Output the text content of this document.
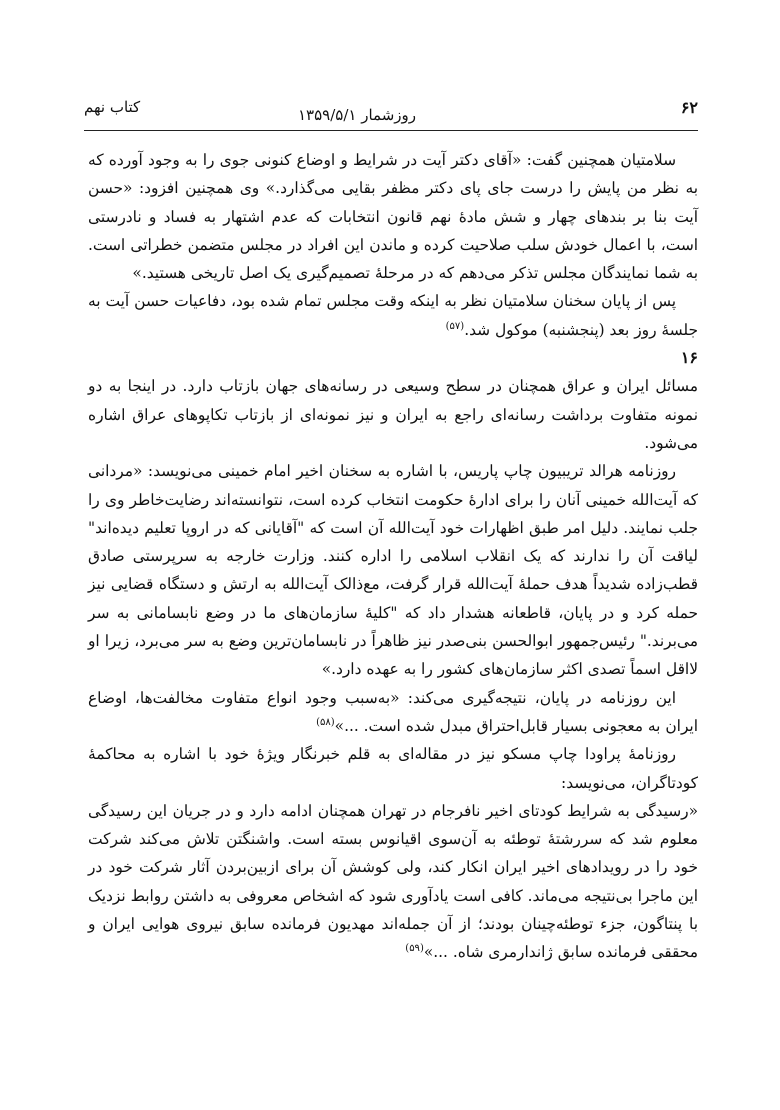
۶۲
روزشمار ۱۳۵۹/۵/۱
کتاب نهم

سلامتیان همچنین گفت: «آقای دکتر آیت در شرایط و اوضاع کنونی جوی را به وجود آورده که به نظر من پایش را درست جای پای دکتر مظفر بقایی می‌گذارد.» وی همچنین افزود: «حسن آیت بنا بر بندهای چهار و شش مادهٔ نهم قانون انتخابات که عدم اشتهار به فساد و نادرستی است، با اعمال خودش سلب صلاحیت کرده و ماندن این افراد در مجلس متضمن خطراتی است. به شما نمایندگان مجلس تذکر می‌دهم که در مرحلهٔ تصمیم‌گیری یک اصل تاریخی هستید.»

پس از پایان سخنان سلامتیان نظر به اینکه وقت مجلس تمام شده بود، دفاعیات حسن آیت به جلسهٔ روز بعد (پنجشنبه) موکول شد.$^{(۵۷)}$

۱۶

مسائل ایران و عراق همچنان در سطح وسیعی در رسانه‌های جهان بازتاب دارد. در اینجا به دو نمونه متفاوت برداشت رسانه‌ای راجع به ایران و نیز نمونه‌ای از بازتاب تکاپوهای عراق اشاره می‌شود.

روزنامه هرالد تریبیون چاپ پاریس، با اشاره به سخنان اخیر امام خمینی می‌نویسد: «مردانی که آیت‌الله خمینی آنان را برای ادارهٔ حکومت انتخاب کرده است، نتوانسته‌اند رضایت‌خاطر وی را جلب نمایند. دلیل امر طبق اظهارات خود آیت‌الله آن است که "آقایانی که در اروپا تعلیم دیده‌اند" لیاقت آن را ندارند که یک انقلاب اسلامی را اداره کنند. وزارت خارجه به سرپرستی صادق قطب‌زاده شدیداً هدف حملهٔ آیت‌الله قرار گرفت، مع‌ذالک آیت‌الله به ارتش و دستگاه قضایی نیز حمله کرد و در پایان، قاطعانه هشدار داد که "کلیهٔ سازمان‌های ما در وضع نابسامانی به سر می‌برند." رئیس‌جمهور ابوالحسن بنی‌صدر نیز ظاهراً در نابسامان‌ترین وضع به سر می‌برد، زیرا او لااقل اسماً تصدی اکثر سازمان‌های کشور را به عهده دارد.»

این روزنامه در پایان، نتیجه‌گیری می‌کند: «به‌سبب وجود انواع متفاوت مخالفت‌ها، اوضاع ایران به معجونی بسیار قابل‌احتراق مبدل شده است. ...»$^{(۵۸)}$

روزنامهٔ پراودا چاپ مسکو نیز در مقاله‌ای به قلم خبرنگار ویژهٔ خود با اشاره به محاکمهٔ کودتاگران، می‌نویسد:

«رسیدگی به شرایط کودتای اخیر نافرجام در تهران همچنان ادامه دارد و در جریان این رسیدگی معلوم شد که سررشتهٔ توطئه به آن‌سوی اقیانوس بسته است. واشنگتن تلاش می‌کند شرکت خود را در رویدادهای اخیر ایران انکار کند، ولی کوشش آن برای ازبین‌بردن آثار شرکت خود در این ماجرا بی‌نتیجه می‌ماند. کافی است یادآوری شود که اشخاص معروفی به داشتن روابط نزدیک با پنتاگون، جزء توطئه‌چینان بودند؛ از آن جمله‌اند مهدیون فرمانده سابق نیروی هوایی ایران و محققی فرمانده سابق ژاندارمری شاه. ...»$^{(۵۹)}$
